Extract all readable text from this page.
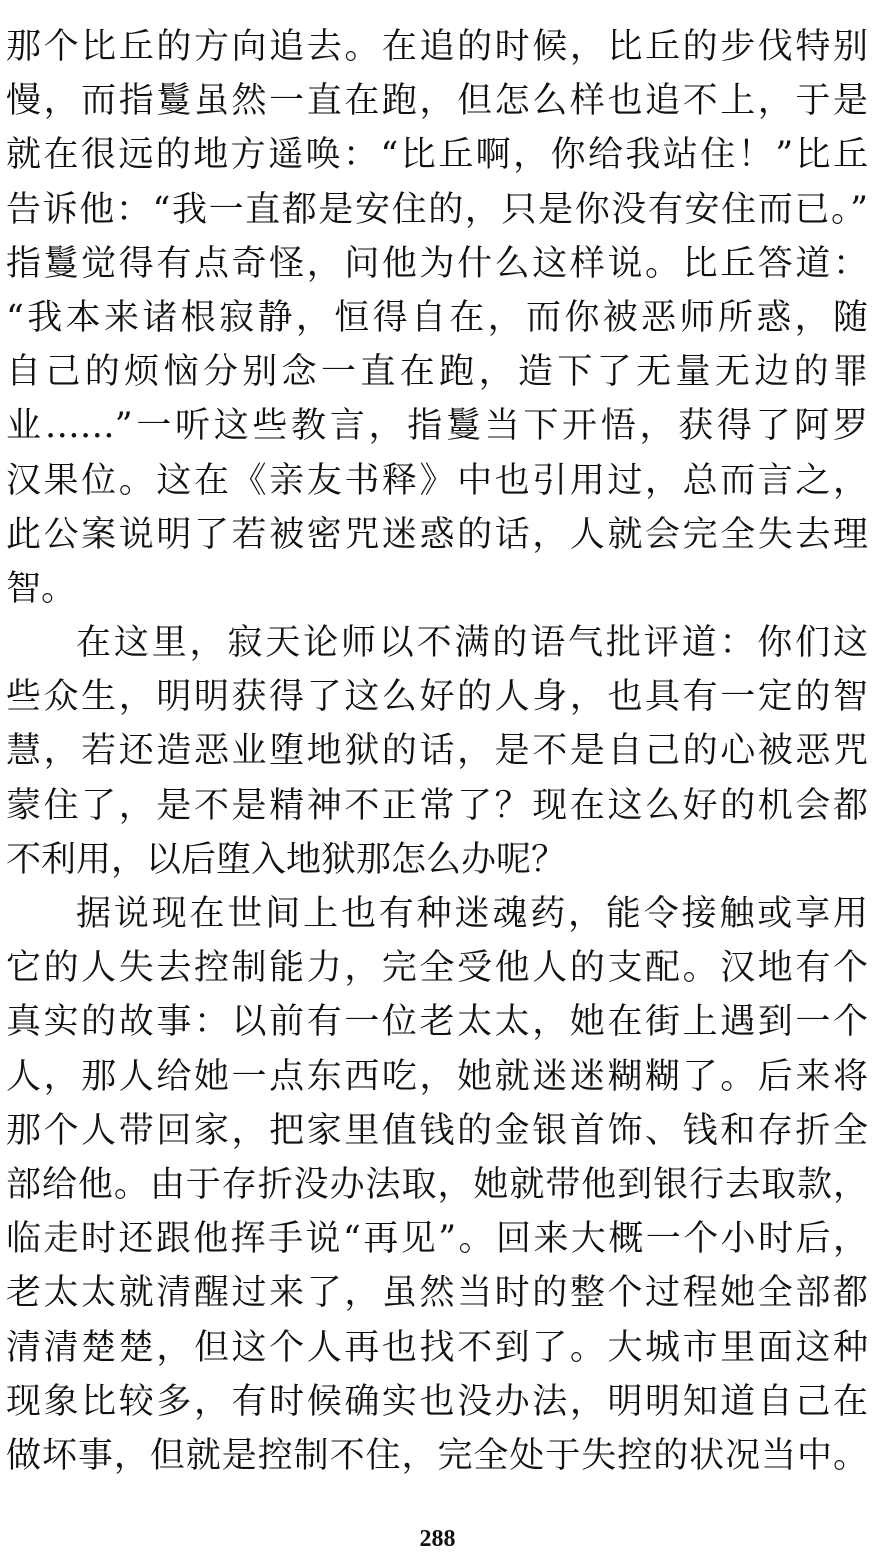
那个比丘的方向追去。在追的时候，比丘的步伐特别
慢，而指鬘虽然一直在跑，但怎么样也追不上，于是
就在很远的地方遥唤：“比丘啊，你给我站住！”比丘
告诉他：“我一直都是安住的，只是你没有安住而已。”
指鬘觉得有点奇怪，问他为什么这样说。比丘答道：
“我本来诸根寂静，恒得自在，而你被恶师所惑，随
自己的烦恼分别念一直在跑，造下了无量无边的罪
业……”一听这些教言，指鬘当下开悟，获得了阿罗
汉果位。这在《亲友书释》中也引用过，总而言之，
此公案说明了若被密咒迷惑的话，人就会完全失去理
智。
在这里，寂天论师以不满的语气批评道：你们这
些众生，明明获得了这么好的人身，也具有一定的智
慧，若还造恶业堕地狱的话，是不是自己的心被恶咒
蒙住了，是不是精神不正常了？现在这么好的机会都
不利用，以后堕入地狱那怎么办呢？
据说现在世间上也有种迷魂药，能令接触或享用
它的人失去控制能力，完全受他人的支配。汉地有个
真实的故事：以前有一位老太太，她在街上遇到一个
人，那人给她一点东西吃，她就迷迷糊糊了。后来将
那个人带回家，把家里值钱的金银首饰、钱和存折全
部给他。由于存折没办法取，她就带他到银行去取款，
临走时还跟他挥手说“再见”。回来大概一个小时后，
老太太就清醒过来了，虽然当时的整个过程她全部都
清清楚楚，但这个人再也找不到了。大城市里面这种
现象比较多，有时候确实也没办法，明明知道自己在
做坏事，但就是控制不住，完全处于失控的状况当中。
288
